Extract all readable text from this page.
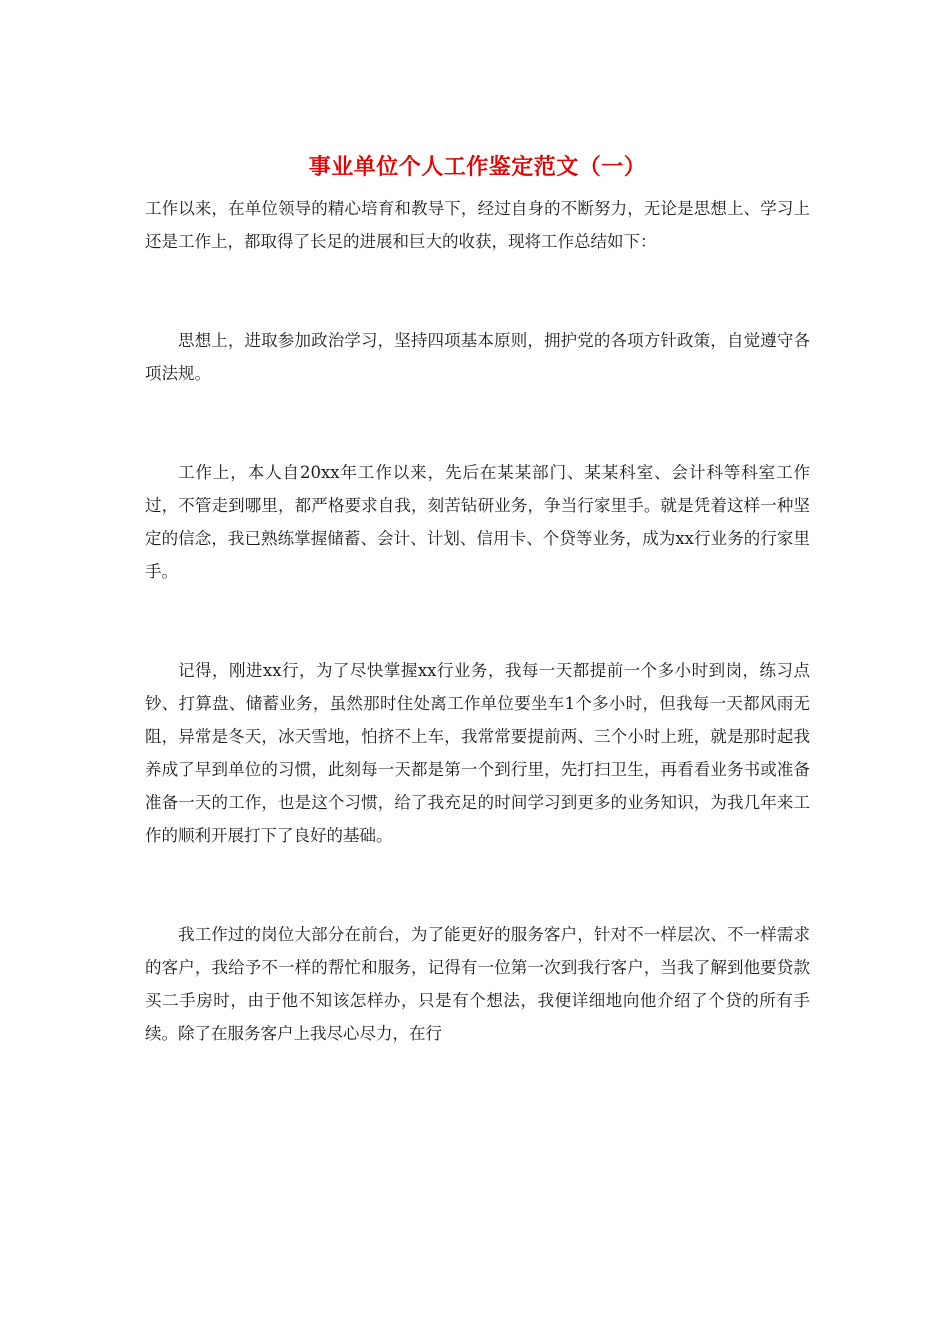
事业单位个人工作鉴定范文（一）

工作以来，在单位领导的精心培育和教导下，经过自身的不断努力，无论是思想上、学习上还是工作上，都取得了长足的进展和巨大的收获，现将工作总结如下：

思想上，进取参加政治学习，坚持四项基本原则，拥护党的各项方针政策，自觉遵守各项法规。

工作上，本人自20xx年工作以来，先后在某某部门、某某科室、会计科等科室工作过，不管走到哪里，都严格要求自我，刻苦钻研业务，争当行家里手。就是凭着这样一种坚定的信念，我已熟练掌握储蓄、会计、计划、信用卡、个贷等业务，成为xx行业务的行家里手。

记得，刚进xx行，为了尽快掌握xx行业务，我每一天都提前一个多小时到岗，练习点钞、打算盘、储蓄业务，虽然那时住处离工作单位要坐车1个多小时，但我每一天都风雨无阻，异常是冬天，冰天雪地，怕挤不上车，我常常要提前两、三个小时上班，就是那时起我养成了早到单位的习惯，此刻每一天都是第一个到行里，先打扫卫生，再看看业务书或准备准备一天的工作，也是这个习惯，给了我充足的时间学习到更多的业务知识，为我几年来工作的顺利开展打下了良好的基础。

我工作过的岗位大部分在前台，为了能更好的服务客户，针对不一样层次、不一样需求的客户，我给予不一样的帮忙和服务，记得有一位第一次到我行客户，当我了解到他要贷款买二手房时，由于他不知该怎样办，只是有个想法，我便详细地向他介绍了个贷的所有手续。除了在服务客户上我尽心尽力，在行
